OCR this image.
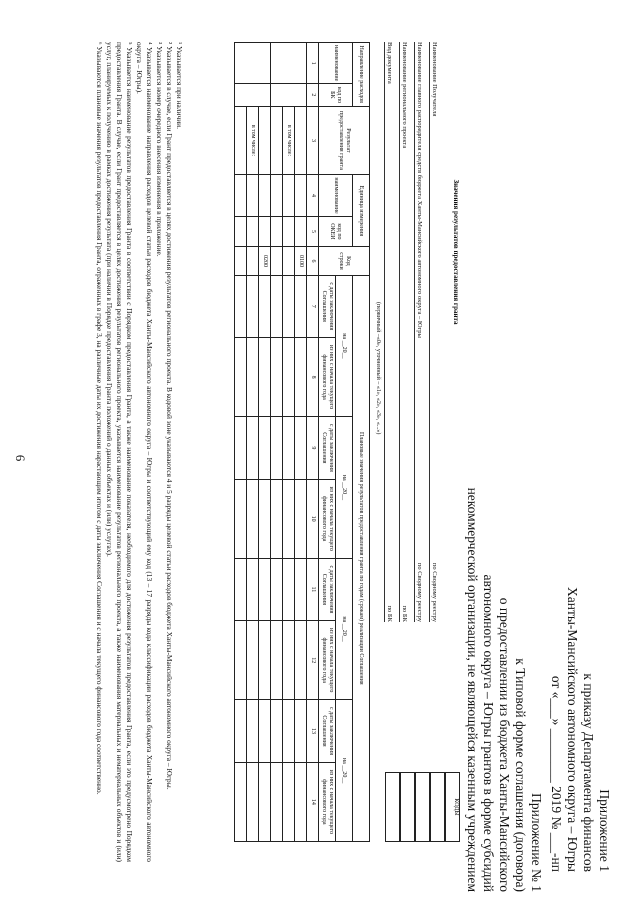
6
Приложение 1
к приказу Департамента финансов
Ханты-Мансийского автономного округа – Югры
от «___» ________ 2019 № ___-нп
Приложение № 1
к Типовой форме соглашения (договора)
о предоставлении из бюджета Ханты-Мансийского
автономного округа – Югры грантов в форме субсидий
некоммерческой организации, не являющейся казенным учреждением
Значения результатов предоставления гранта
КОДЫ
Наименование Получателя
по Сводному реестру
Наименование главного распорядителя средств бюджета Ханты-Мансийского автономного округа – Югры
по Сводному реестру
Наименование регионального проекта
по БК
Вид документа
по БК
(первичный –«0», уточненный – «1», «2», «3», «...»)
Направление расходов		Результат предоставления гранта	Единица измерения		Код строки	Плановые значения результатов предоставления гранта по годам (срокам) реализации Соглашения							
наименование	код по БК		наименование	код по ОКЕИ		на __20__		на __20__		на __20__		на __20__	
						с даты заключения Соглашения	из них с начала текущего финансового года	с даты заключения Соглашения	из них с начала текущего финансового года	с даты заключения Соглашения	из них с начала текущего финансового года	с даты заключения Соглашения	из них с начала текущего финансового года
1	2	3	4	5	6	7	8	9	10	11	12	13	14
					0100								
		в том числе:											

					0200								
		в том числе:											

¹ Указывается при наличии.

² Указывается в случае, если Грант предоставляется в целях достижения результатов регионального проекта. В кодовой зоне указываются 4 и 5 разряды целевой статьи расходов бюджета Ханты-Мансийского автономного округа – Югры.

³ Указывается номер очередного внесения изменения в приложение.

⁴ Указывается наименование направления расходов целевой статьи расходов бюджета Ханты-Мансийского автономного округа – Югры и соответствующий ему код (13 – 17 разряды кода классификации расходов бюджета Ханты-Мансийского автономного округа – Югры).

⁵ Указывается наименование результатов предоставления Гранта в соответствии с Порядком предоставления Гранта, а также наименование показателя, необходимого для достижения результатов предоставления Гранта, если это предусмотрено Порядком предоставления Гранта. В случае, если Грант предоставляется в целях достижения результатов регионального проекта, указывается наименование результатов регионального проекта, а также наименования материальных и нематериальных объектов и (или) услуг, планируемых к получению в рамках достижения результата (при наличии в Порядке предоставления Гранта положений о данных объектах и (или) услугах).

⁶ Указываются плановые значения результатов предоставления Гранта, отраженных в графе 3, на различные даты их достижения нарастающим итогом с даты заключения Соглашения и с начала текущего финансового года соответственно.
